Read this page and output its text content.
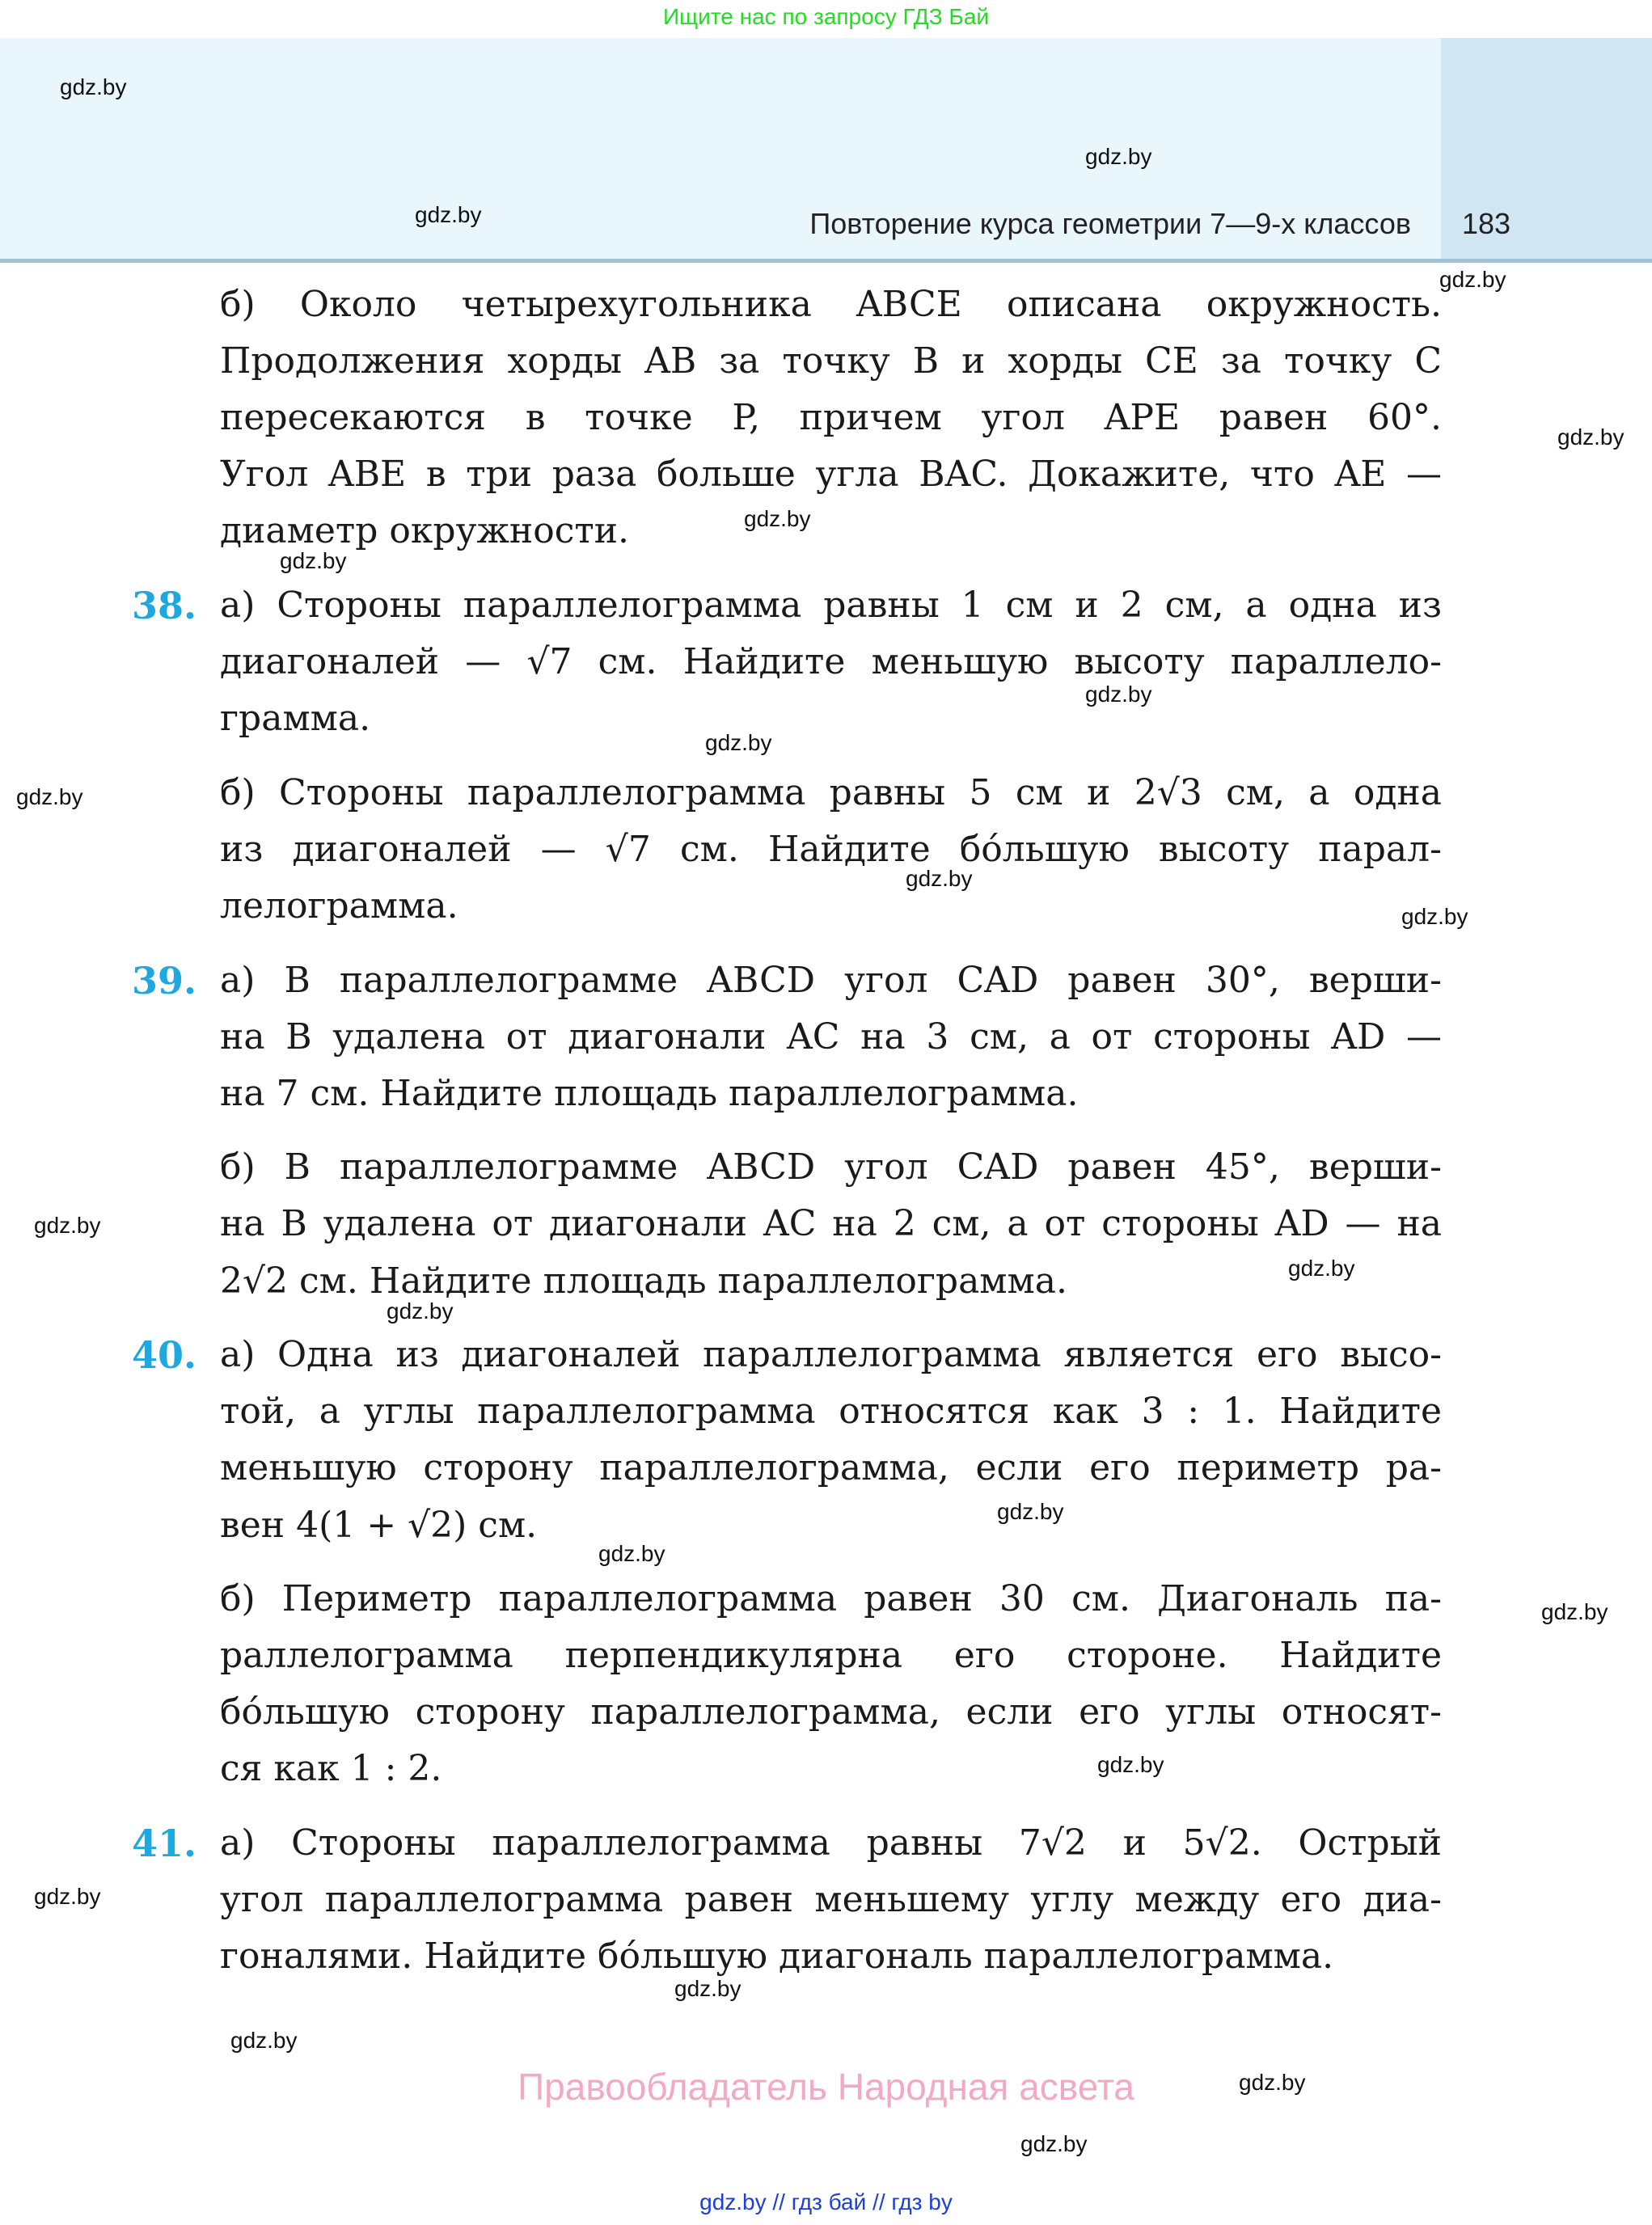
Ищите нас по запросу ГДЗ Бай
Повторение курса геометрии 7—9-х классов 183
б) Около четырехугольника ABCE описана окружность.
Продолжения хорды AB за точку B и хорды CE за точку C
пересекаются в точке P, причем угол APE равен 60°.
Угол ABE в три раза больше угла BAC. Докажите, что AE —
диаметр окружности.
38. а) Стороны параллелограмма равны 1 см и 2 см, а одна из
диагоналей — √7 см. Найдите меньшую высоту параллело-
грамма.
б) Стороны параллелограмма равны 5 см и 2√3 см, а одна
из диагоналей — √7 см. Найдите бо́льшую высоту парал-
лелограмма.
39. а) В параллелограмме ABCD угол CAD равен 30°, верши-
на B удалена от диагонали AC на 3 см, а от стороны AD —
на 7 см. Найдите площадь параллелограмма.
б) В параллелограмме ABCD угол CAD равен 45°, верши-
на B удалена от диагонали AC на 2 см, а от стороны AD — на
2√2 см. Найдите площадь параллелограмма.
40. а) Одна из диагоналей параллелограмма является его высо-
той, а углы параллелограмма относятся как 3 : 1. Найдите
меньшую сторону параллелограмма, если его периметр ра-
вен 4(1 + √2) см.
б) Периметр параллелограмма равен 30 см. Диагональ па-
раллелограмма перпендикулярна его стороне. Найдите
бо́льшую сторону параллелограмма, если его углы относят-
ся как 1 : 2.
41. а) Стороны параллелограмма равны 7√2 и 5√2. Острый
угол параллелограмма равен меньшему углу между его диа-
гоналями. Найдите бо́льшую диагональ параллелограмма.
gdz.by
gdz.by
gdz.by
gdz.by
gdz.by
gdz.by
gdz.by
gdz.by
gdz.by
gdz.by
gdz.by
gdz.by
gdz.by
gdz.by
gdz.by
gdz.by
gdz.by
gdz.by
gdz.by
gdz.by
gdz.by
gdz.by
gdz.by
gdz.by
Правообладатель Народная асвета
gdz.by // гдз бай // гдз by
